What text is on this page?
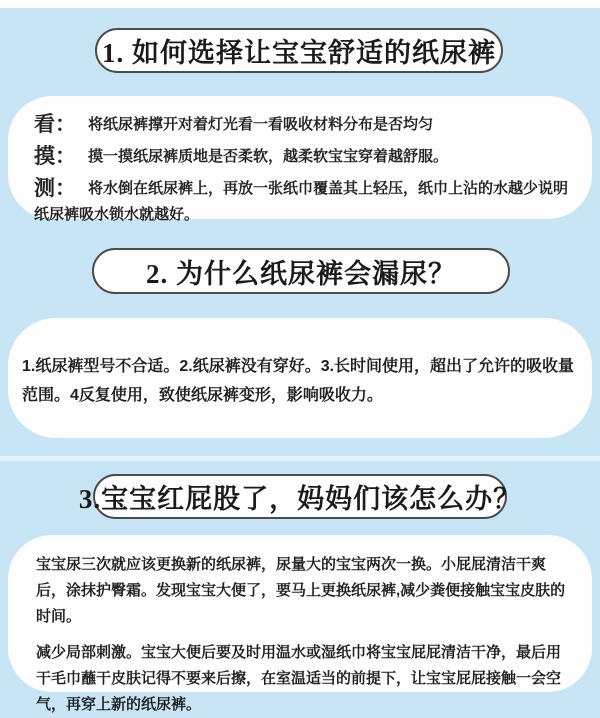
1. 如何选择让宝宝舒适的纸尿裤

看： 将纸尿裤撑开对着灯光看一看吸收材料分布是否均匀

摸： 摸一摸纸尿裤质地是否柔软，越柔软宝宝穿着越舒服。

测： 将水倒在纸尿裤上，再放一张纸巾覆盖其上轻压，纸巾上沾的水越少说明纸尿裤吸水锁水就越好。

2. 为什么纸尿裤会漏尿？

1.纸尿裤型号不合适。2.纸尿裤没有穿好。3.长时间使用，超出了允许的吸收量范围。4反复使用，致使纸尿裤变形，影响吸收力。

3.宝宝红屁股了，妈妈们该怎么办？

宝宝尿三次就应该更换新的纸尿裤，尿量大的宝宝两次一换。小屁屁清洁干爽后，涂抹护臀霜。发现宝宝大便了，要马上更换纸尿裤,减少粪便接触宝宝皮肤的时间。

减少局部刺激。宝宝大便后要及时用温水或湿纸巾将宝宝屁屁清洁干净，最后用干毛巾蘸干皮肤记得不要来后擦，在室温适当的前提下，让宝宝屁屁接触一会空气，再穿上新的纸尿裤。
